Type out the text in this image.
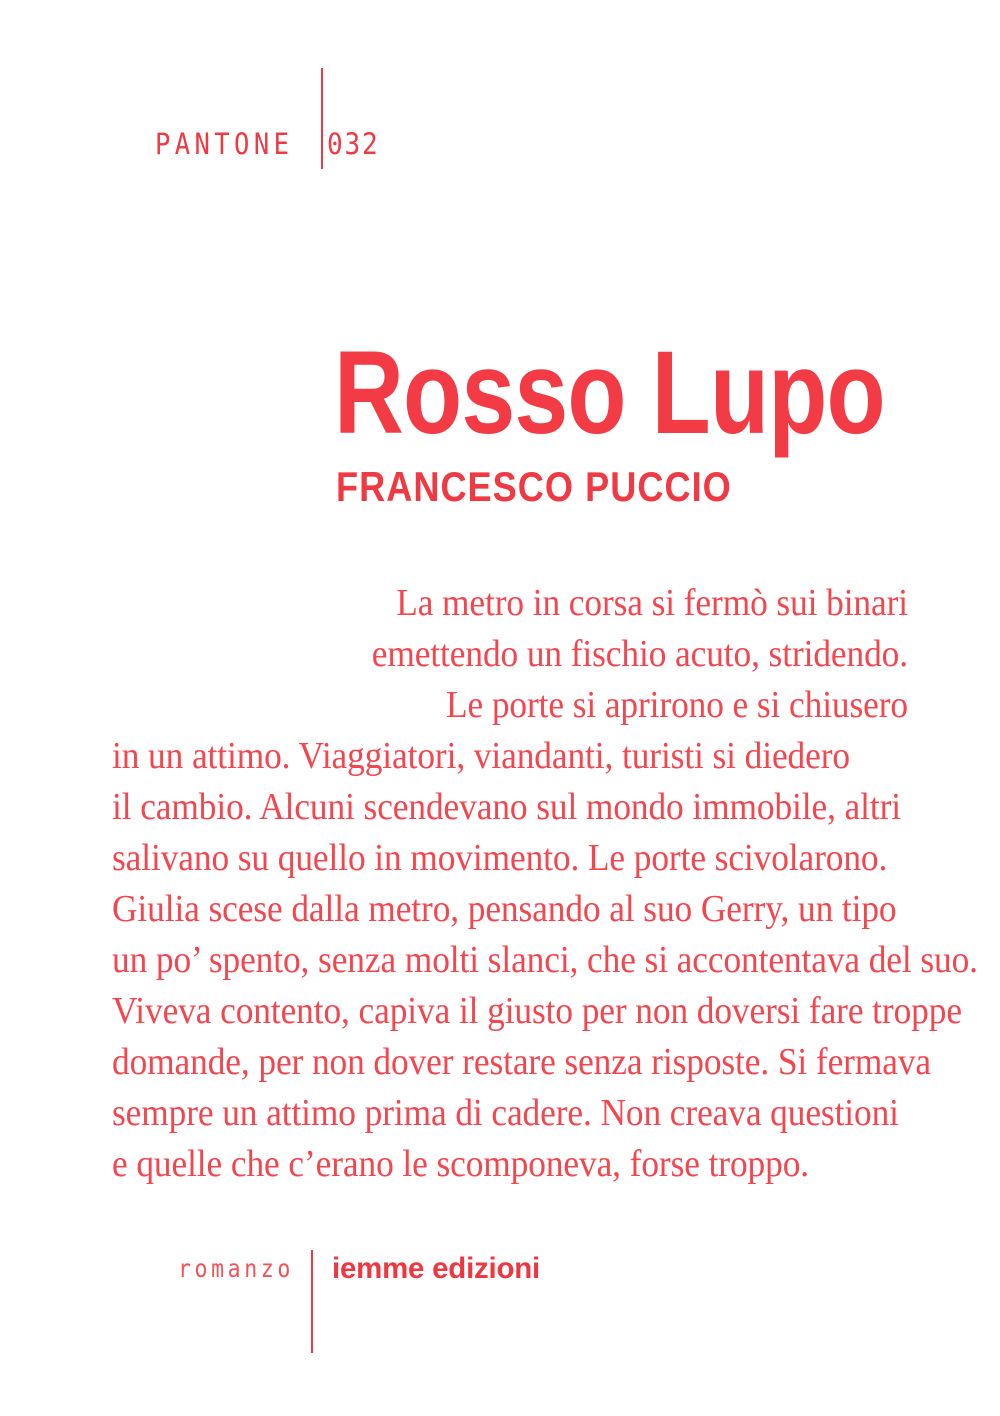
PANTONE 032
Rosso Lupo
FRANCESCO PUCCIO
La metro in corsa si fermò sui binari
emettendo un fischio acuto, stridendo.
Le porte si aprirono e si chiusero
in un attimo. Viaggiatori, viandanti, turisti si diedero
il cambio. Alcuni scendevano sul mondo immobile, altri
salivano su quello in movimento. Le porte scivolarono.
Giulia scese dalla metro, pensando al suo Gerry, un tipo
un po’ spento, senza molti slanci, che si accontentava del suo.
Viveva contento, capiva il giusto per non doversi fare troppe
domande, per non dover restare senza risposte. Si fermava
sempre un attimo prima di cadere. Non creava questioni
e quelle che c’erano le scomponeva, forse troppo.
romanzo iemme edizioni
